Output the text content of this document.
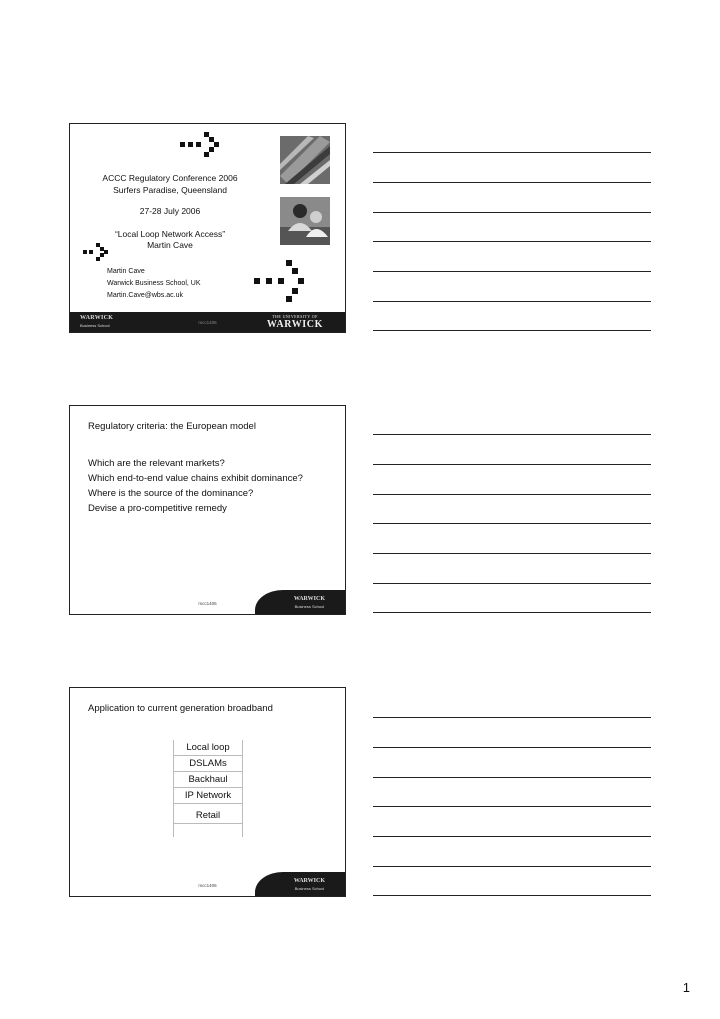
ACCC Regulatory Conference 2006
Surfers Paradise, Queensland
27-28 July 2006
“Local Loop Network Access”
Martin Cave
Martin Cave
Warwick Business School, UK
Martin.Cave@wbs.ac.uk
WARWICK
Business School
mcc1406
THE UNIVERSITY OF
WARWICK
Regulatory criteria: the European model
Which are the relevant markets?
Which end-to-end value chains exhibit dominance?
Where is the source of the dominance?
Devise a pro-competitive remedy
mcc1406
WARWICK
Business School
Application to current generation broadband
Local loop
DSLAMs
Backhaul
IP Network
Retail
mcc1406
WARWICK
Business School
1
